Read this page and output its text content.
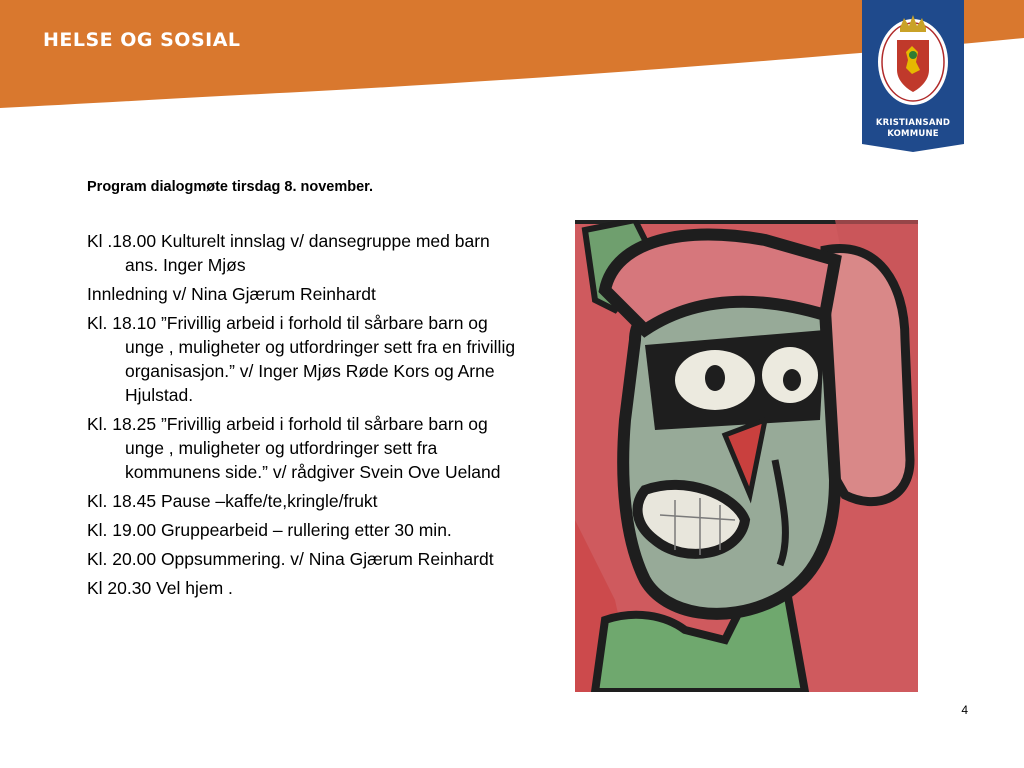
HELSE OG SOSIAL
KRISTIANSAND
KOMMUNE
Program dialogmøte tirsdag 8. november.
Kl .18.00 Kulturelt innslag v/ dansegruppe med barn ans. Inger Mjøs
Innledning v/ Nina Gjærum Reinhardt
Kl. 18.10 ”Frivillig arbeid i forhold til sårbare barn og unge , muligheter og utfordringer sett fra en frivillig organisasjon.” v/ Inger Mjøs Røde Kors og Arne Hjulstad.
Kl. 18.25 ”Frivillig arbeid i forhold til sårbare barn og unge , muligheter og utfordringer sett fra kommunens side.” v/ rådgiver Svein Ove Ueland
Kl. 18.45 Pause –kaffe/te,kringle/frukt
Kl. 19.00 Gruppearbeid – rullering etter 30 min.
Kl. 20.00 Oppsummering. v/ Nina Gjærum Reinhardt
Kl 20.30 Vel hjem .
4
